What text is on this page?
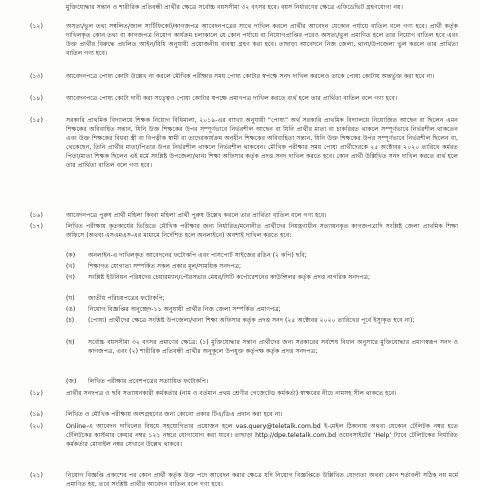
মুক্তিযোদ্ধার সন্তান ও শারীরিক প্রতিবন্ধী প্রার্থীর ক্ষেত্রে সর্বোচ্চ বয়সসীমা ৩২ বৎসর হবে। বয়স নির্ধারণের ক্ষেত্রে এফিডেভিট গ্রহণযোগ্য নয়।
(১২)	অসত্য/ভুল তথ্য সম্বলিত/জাল সার্টিফিকেট/কাগজপত্র আবেদনপত্রের সাথে দাখিল করলে প্রার্থীর আবেদন যেকোন পর্যায়ে বাতিল বলে গণ্য হবে। প্রার্থী কর্তৃক দাখিলকৃত কোন তথ্য বা কাগজপত্র নিয়োগ কার্যক্রম চলাকালে যে কোন পর্যায়ে বা নিয়োগপ্রাপ্তির পরেও অসত্য/ভুল প্রমাণিত হলে তার নিয়োগ বাতিল হবে এবং উক্ত প্রার্থীর বিরুদ্ধে প্রচলিত আইন/বিধি অনুযায়ী প্রয়োজনীয় ব্যবস্থা গ্রহণ করা হবে। তাছাড়া আবেদনে নিজ জেলা, থানা/উপজেলা ভুল করলে তার প্রার্থিতা বাতিল গণ্য হবে।
(১৩)	আবেদনপত্রে পোষ্য কোটা উল্লেখ না করলে মৌখিক পরীক্ষার সময় পোষ্য কোটার স্বপক্ষে সনদ দাখিল করলেও তাকে পোষ্য কোটায় অন্তর্ভুক্ত করা হবে না।
(১৪)	আবেদনপত্রে পোষ্য কোটা দাবী করা সত্ত্বেও পোষ্য কোটার স্বপক্ষে প্রমাণপত্র দাখিল করতে ব্যর্থ হলে তার প্রার্থিতা বাতিল বলে গণ্য হবে।
(১৫)	সরকারি প্রাথমিক বিদ্যালয়ে শিক্ষক নিয়োগ বিধিমালা, ২০১৯-এর ব্যাখ্যা অনুযায়ী “পোষ্য” অর্থ সরকারি প্রাথমিক বিদ্যালয়ে নিয়োজিত আছেন বা ছিলেন এমন শিক্ষকের অবিবাহিত সন্তান, যিনি উক্ত শিক্ষকের উপর সম্পূর্ণভাবে নির্ভরশীল আছেন বা যিনি প্রার্থীর মাতা বা চাকরিরত থাকলে সম্পূর্ণভাবে নির্ভরশীল থাকতেন এবং উক্ত শিক্ষকের বিধবা স্ত্রী বা বিপত্নীক স্বামী বা তাদেরকার্যক্রম অনধীন শিক্ষকের অবিবাহিতা সন্তান, যিনি উক্ত শিক্ষকের উপর সম্পূর্ণভাবে নির্ভরশীল ছিলেন বা, থেকেছেন, তিনি প্রার্থীর মাতা/পিতার উপর নির্ভরশীল থাকলে নির্ভরশীল থাকবেন। মৌখিক পরীক্ষার সময় পোষ্য প্রার্থীদেরকে ২৫ অক্টোবর ২০২০ তারিখে কর্মরত পিতা/মাতা শিক্ষক ছিলেন এই মর্মে সংশ্লিষ্ট উপজেলা/থানা শিক্ষা অফিসার কর্তৃক প্রদত্ত সনদ দাখিল করতে হবে। কোন প্রার্থী উল্লিখিত সনদ দাখিল করতে ব্যর্থ হলে তার প্রার্থিতা বাতিল বলে গণ্য হবে।
(১৬)	আবেদনপত্রে পুরুষ প্রার্থী মহিলা কিংবা মহিলা প্রার্থী পুরুষ উল্লেখ করলে তার প্রার্থিতা বাতিল বলে গণ্য হবে।
(১৭)	লিখিত পরীক্ষায় কৃতকার্যের ভিত্তিতে মৌখিক পরীক্ষার জন্য নির্ধারিত/মনোনীত প্রার্থীদের নিয়ন্ত্রণাধীন সত্যায়নকৃত কাগজপত্রাদি সংশ্লিষ্ট জেলা প্রাথমিক শিক্ষা অফিসে (অথবা এসএমএস-এর মাধ্যমে নির্দেশিত হলে অনলাইনে) অবশ্যই দাখিল করতে হবে:
(ক)	অনলাইন-এ দাখিলকৃত আবেদনের ফটোকপি এবং পাসপোর্ট সাইজের রঙিন (২ কপি) ছবি;
(খ)	শিক্ষাগত যোগ্যতা সম্পর্কিত সকল প্রকার মূল/সাময়িক সনদপত্র;
(গ)	সংশ্লিষ্ট ইউনিয়ন পরিষদের চেয়ারম্যান/পৌরসভার মেয়র/সিটি কর্পোরেশনের কাউন্সিলর কর্তৃক প্রদত্ত নাগরিক সনদপত্র;
(ঘ)	জাতীয় পরিচয়পত্রের ফটোকপি;
(ঙ)	নিয়োগ বিজ্ঞপ্তির অনুচ্ছেদ-১১ অনুযায়ী প্রার্থীর নিজ জেলা সম্পর্কিত প্রমাণপত্র;
(চ)	(পোষ্য) প্রার্থীদের ক্ষেত্রে সংশ্লিষ্ট উপজেলা/থানা শিক্ষা অফিসার কর্তৃক প্রদত্ত সনদ (২৫ অক্টোবর ২০২০ তারিখের পূর্বে ইস্যুকৃত হবে না);
(ছ)	সর্বোচ্চ বয়সসীমা ৩২ বৎসর প্রমাণের ক্ষেত্রে: (১) মুক্তিযোদ্ধার সন্তান প্রার্থীদের জন্য সরকারের সর্বশেষ বিধান অনুসারে মুক্তিযোদ্ধার প্রমাণস্বরূপ সনদ ও কাগজপত্র, এবং (২) শারীরিক প্রতিবন্ধী প্রার্থীর অনুকূলে উপযুক্ত কর্তৃপক্ষ কর্তৃক প্রদত্ত সনদপত্র;
(জ)	লিখিত পরীক্ষার প্রবেশপত্রের সত্যায়িত ফটোকপি।
(১৮)	প্রার্থীর সনদপত্র ও ছবি সত্যায়নকারী কর্মকর্তার (নাম ও বর্তমান প্রথম শ্রেণীর গেজেটেড কর্মকর্তা) স্বাক্ষরের নীচে নামসহ সীল থাকতে হবে।
(১৯)	লিখিত ও মৌখিক পরীক্ষায় অংশগ্রহণের জন্য কোনো প্রকার টিএ/ডিএ প্রদান করা হবে না।
(২০)	Online-এ আবেদন দাখিলের বিষয়ে সহযোগিতার প্রয়োজন হলে vas.query@teletalk.com.bd ই-মেইল ঠিকানায় অথবা যেকোন টেলিটক নম্বর হতে টেলিটকের কাস্টমার কেয়ার নম্বর ১২১ নম্বরে যোগাযোগ করা যাবে। তাছাড়া http://dpe.teletalk.com.bd ওয়েবসাইটের ‘Help’ ট্যাবে টেলিটকের নির্ধারিত কর্মকর্তার মোবাইল নম্বর সেখানে উল্লেখ থাকবে।
(২১)	নিয়োগ বিজ্ঞপ্তি প্রকাশের পর কোন প্রার্থী কর্তৃক উক্ত পদে আবেদন করার ক্ষেত্রে যদি নিয়োগ বিজ্ঞপ্তিতে উল্লিখিত যোগ্যতা অথবা কোন শর্তাবলী সঠিক নয় মর্মে প্রমাণিত হয়, তবে সংশ্লিষ্ট প্রার্থীর আবেদন বাতিল বলে গণ্য হবে।
